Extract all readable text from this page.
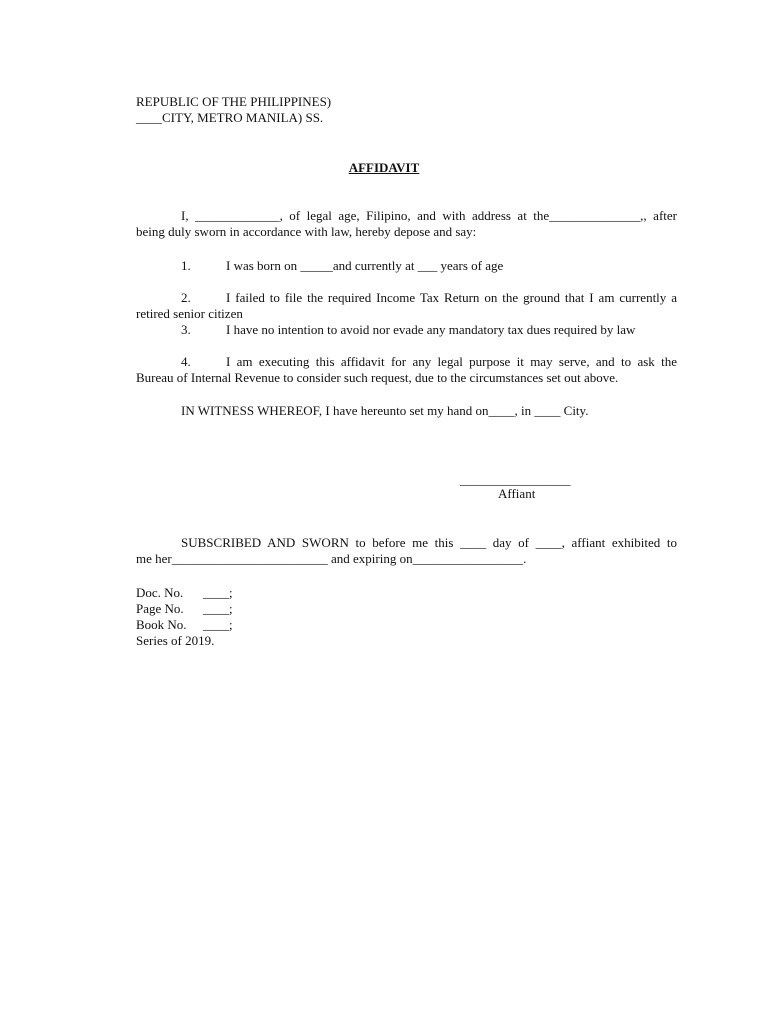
REPUBLIC OF THE PHILIPPINES)
____CITY, METRO MANILA) SS.
AFFIDAVIT
I, _____________, of legal age, Filipino, and with address at the______________,, after
being duly sworn in accordance with law, hereby depose and say:
1.	I was born on _____and currently at ___ years of age
2.	I failed to file the required Income Tax Return on the ground that I am currently a
retired senior citizen
3.	I have no intention to avoid nor evade any mandatory tax dues required by law
4.	I am executing this affidavit for any legal purpose it may serve, and to ask the
Bureau of Internal Revenue to consider such request, due to the circumstances set out above.
IN WITNESS WHEREOF, I have hereunto set my hand on____, in ____ City.
_________________
Affiant
SUBSCRIBED AND SWORN to before me this ____ day of ____, affiant exhibited to
me her________________________ and expiring on_________________.
Doc. No. ____;
Page No. ____;
Book No. ____;
Series of 2019.
